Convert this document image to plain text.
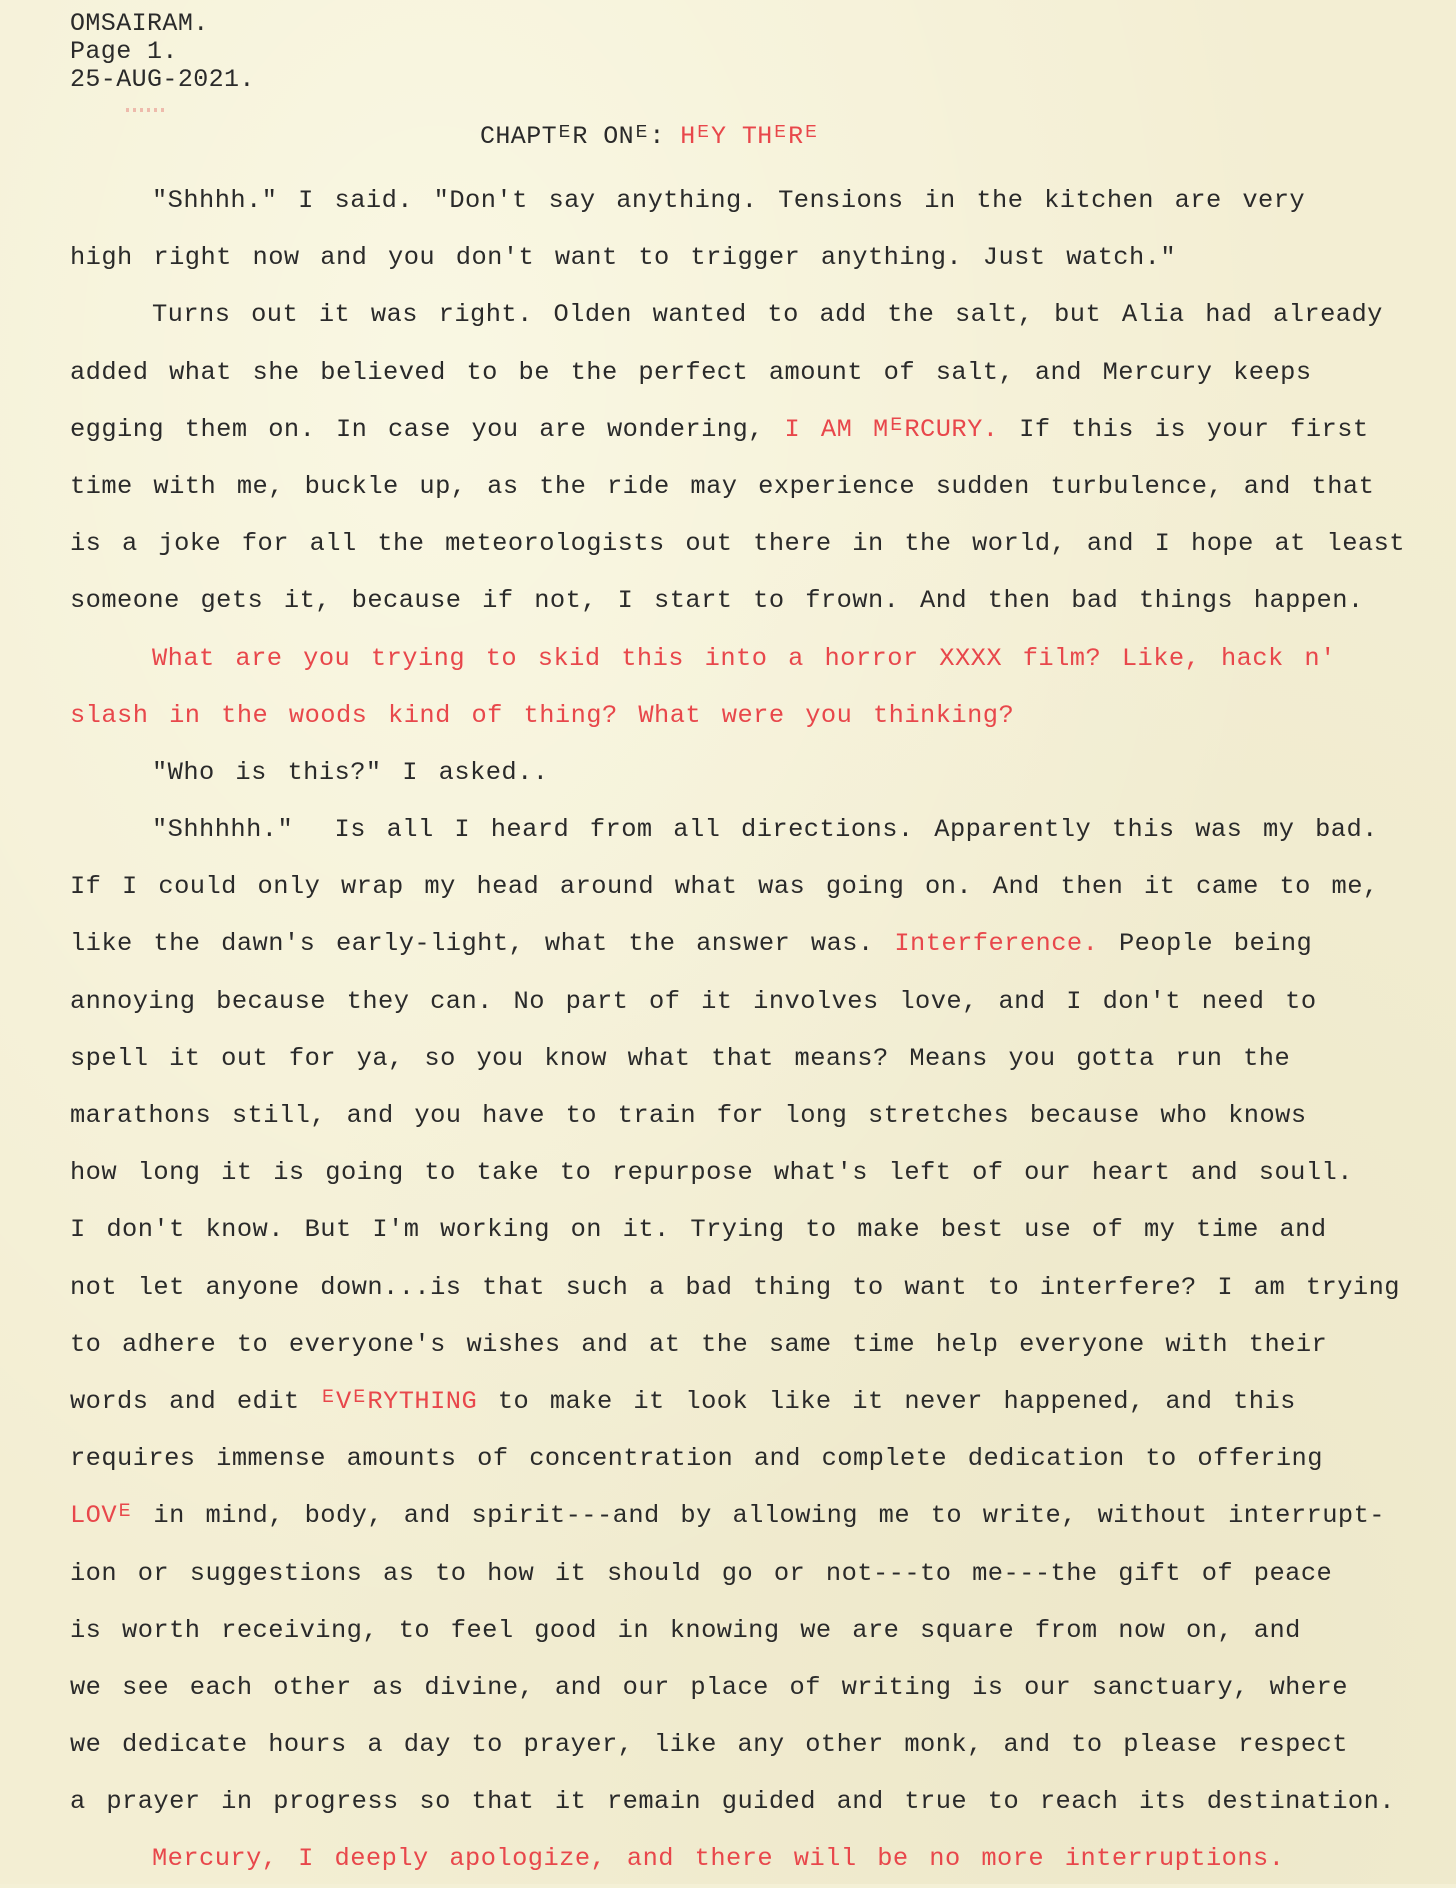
OMSAIRAM.
Page 1.
25-AUG-2021.
CHAPTᴱR ONᴱ: HᴱY THᴱRᴱ
"Shhhh." I said. "Don't say anything. Tensions in the kitchen are very
high right now and you don't want to trigger anything. Just watch."
Turns out it was right. Olden wanted to add the salt, but Alia had already
added what she believed to be the perfect amount of salt, and Mercury keeps
egging them on. In case you are wondering, I AM MᴱRCURY. If this is your first
time with me, buckle up, as the ride may experience sudden turbulence, and that
is a joke for all the meteorologists out there in the world, and I hope at least
someone gets it, because if not, I start to frown. And then bad things happen.
What are you trying to skid this into a horror XXXX film? Like, hack n'
slash in the woods kind of thing? What were you thinking?
"Who is this?" I asked..
"Shhhhh."  Is all I heard from all directions. Apparently this was my bad.
If I could only wrap my head around what was going on. And then it came to me,
like the dawn's early-light, what the answer was. Interference. People being
annoying because they can. No part of it involves love, and I don't need to
spell it out for ya, so you know what that means? Means you gotta run the
marathons still, and you have to train for long stretches because who knows
how long it is going to take to repurpose what's left of our heart and soull.
I don't know. But I'm working on it. Trying to make best use of my time and
not let anyone down...is that such a bad thing to want to interfere? I am trying
to adhere to everyone's wishes and at the same time help everyone with their
words and edit ᴱVᴱRYTHING to make it look like it never happened, and this
requires immense amounts of concentration and complete dedication to offering
LOVᴱ in mind, body, and spirit---and by allowing me to write, without interrupt-
ion or suggestions as to how it should go or not---to me---the gift of peace
is worth receiving, to feel good in knowing we are square from now on, and
we see each other as divine, and our place of writing is our sanctuary, where
we dedicate hours a day to prayer, like any other monk, and to please respect
a prayer in progress so that it remain guided and true to reach its destination.
Mercury, I deeply apologize, and there will be no more interruptions.
